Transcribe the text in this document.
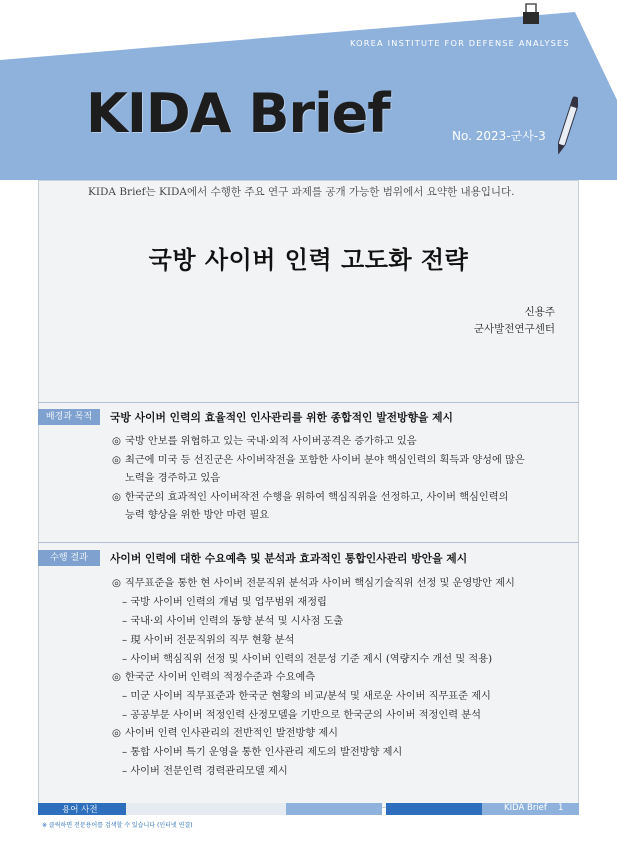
KOREA INSTITUTE FOR DEFENSE ANALYSES
KIDA Brief	No. 2023-군사-3
KIDA Brief는 KIDA에서 수행한 주요 연구 과제를 공개 가능한 범위에서 요약한 내용입니다.
국방 사이버 인력 고도화 전략
신용주
군사발전연구센터
배경과 목적	국방 사이버 인력의 효율적인 인사관리를 위한 종합적인 발전방향을 제시
◎ 국방 안보를 위협하고 있는 국내·외적 사이버공격은 증가하고 있음
◎ 최근에 미국 등 선진군은 사이버작전을 포함한 사이버 분야 핵심인력의 획득과 양성에 많은
노력을 경주하고 있음
◎ 한국군의 효과적인 사이버작전 수행을 위하여 핵심직위을 선정하고, 사이버 핵심인력의
능력 향상을 위한 방안 마련 필요
수행 결과	사이버 인력에 대한 수요예측 및 분석과 효과적인 통합인사관리 방안을 제시
◎ 직무표준을 통한 현 사이버 전문직위 분석과 사이버 핵심기술직위 선정 및 운영방안 제시
– 국방 사이버 인력의 개념 및 업무범위 재정립
– 국내·외 사이버 인력의 동향 분석 및 시사점 도출
– 現 사이버 전문직위의 직무 현황 분석
– 사이버 핵심직위 선정 및 사이버 인력의 전문성 기준 제시 (역량지수 개선 및 적용)
◎ 한국군 사이버 인력의 적정수준과 수요예측
– 미군 사이버 직무표준과 한국군 현황의 비교/분석 및 새로운 사이버 직무표준 제시
– 공공부문 사이버 적정인력 산정모델을 기반으로 한국군의 사이버 적정인력 분석
◎ 사이버 인력 인사관리의 전반적인 발전방향 제시
– 통합 사이버 특기 운영을 통한 인사관리 제도의 발전방향 제시
– 사이버 전문인력 경력관리모델 제시
용어 사전	KIDA Brief 1
※ 클릭하면 전문용어를 검색할 수 있습니다 (인터넷 연결)
